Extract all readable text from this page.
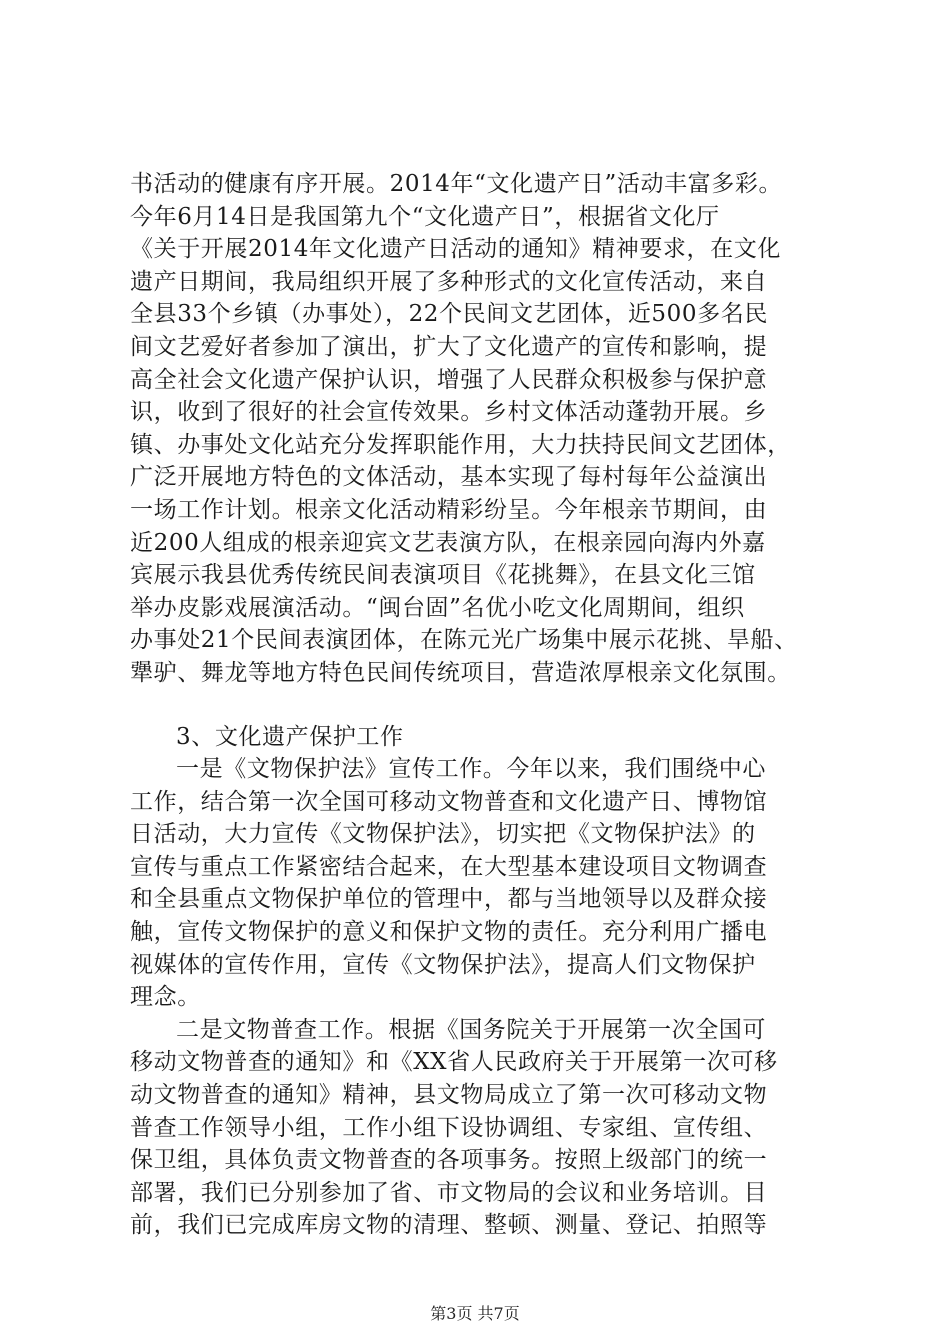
书活动的健康有序开展。2014年“文化遗产日”活动丰富多彩。
今年6月14日是我国第九个“文化遗产日”，根据省文化厅
《关于开展2014年文化遗产日活动的通知》精神要求，在文化
遗产日期间，我局组织开展了多种形式的文化宣传活动，来自
全县33个乡镇（办事处），22个民间文艺团体，近500多名民
间文艺爱好者参加了演出，扩大了文化遗产的宣传和影响，提
高全社会文化遗产保护认识，增强了人民群众积极参与保护意
识，收到了很好的社会宣传效果。乡村文体活动蓬勃开展。乡
镇、办事处文化站充分发挥职能作用，大力扶持民间文艺团体，
广泛开展地方特色的文体活动，基本实现了每村每年公益演出
一场工作计划。根亲文化活动精彩纷呈。今年根亲节期间，由
近200人组成的根亲迎宾文艺表演方队，在根亲园向海内外嘉
宾展示我县优秀传统民间表演项目《花挑舞》，在县文化三馆
举办皮影戏展演活动。“闽台固”名优小吃文化周期间，组织
办事处21个民间表演团体，在陈元光广场集中展示花挑、旱船、
犟驴、舞龙等地方特色民间传统项目，营造浓厚根亲文化氛围。
3、文化遗产保护工作
一是《文物保护法》宣传工作。今年以来，我们围绕中心
工作，结合第一次全国可移动文物普查和文化遗产日、博物馆
日活动，大力宣传《文物保护法》，切实把《文物保护法》的
宣传与重点工作紧密结合起来，在大型基本建设项目文物调查
和全县重点文物保护单位的管理中，都与当地领导以及群众接
触，宣传文物保护的意义和保护文物的责任。充分利用广播电
视媒体的宣传作用，宣传《文物保护法》，提高人们文物保护
理念。
二是文物普查工作。根据《国务院关于开展第一次全国可
移动文物普查的通知》和《XX省人民政府关于开展第一次可移
动文物普查的通知》精神，县文物局成立了第一次可移动文物
普查工作领导小组，工作小组下设协调组、专家组、宣传组、
保卫组，具体负责文物普查的各项事务。按照上级部门的统一
部署，我们已分别参加了省、市文物局的会议和业务培训。目
前，我们已完成库房文物的清理、整顿、测量、登记、拍照等
第3页 共7页
